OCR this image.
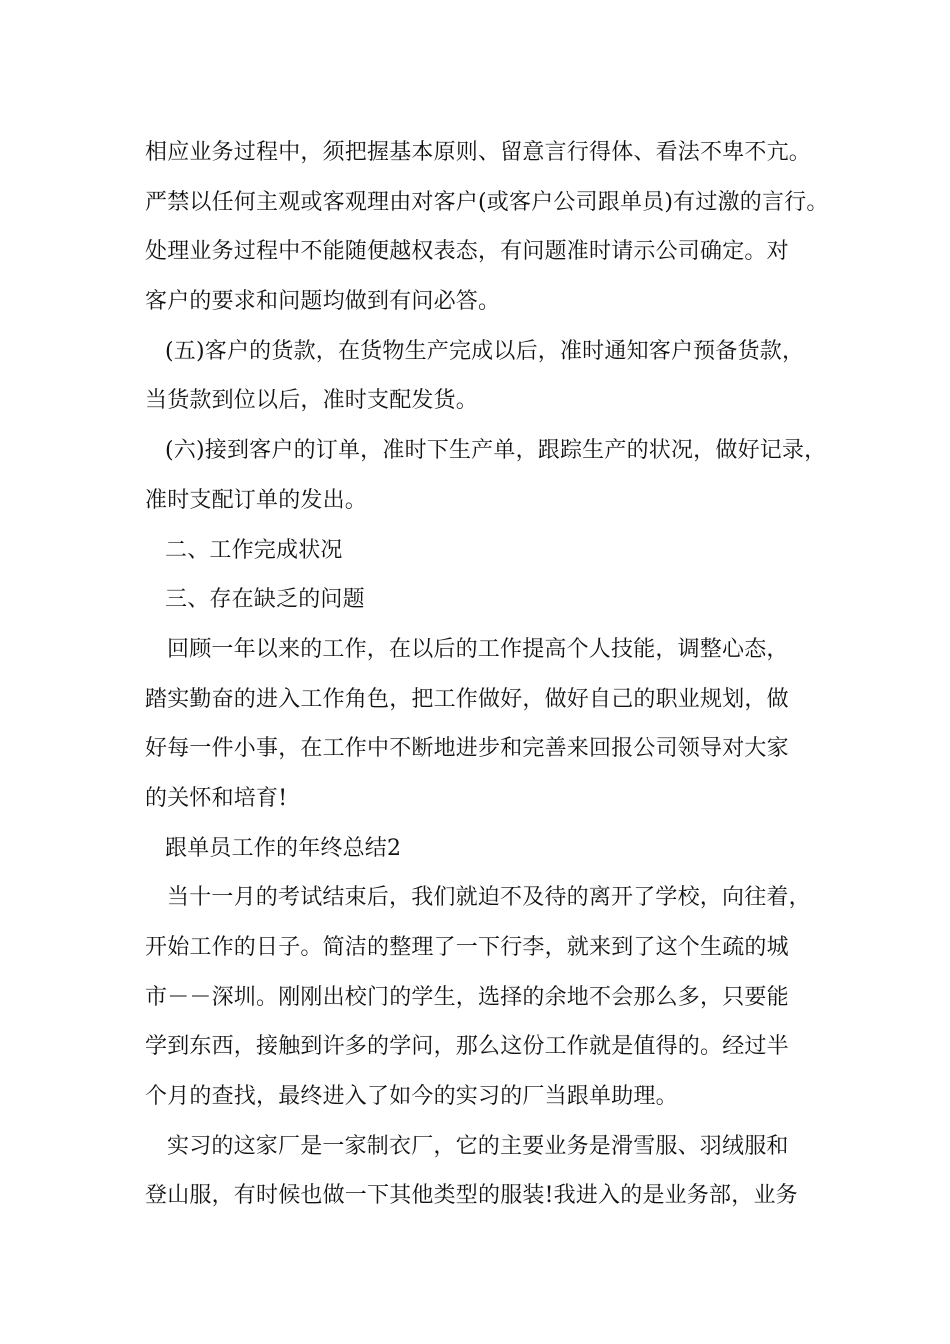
相应业务过程中，须把握基本原则、留意言行得体、看法不卑不亢。
严禁以任何主观或客观理由对客户(或客户公司跟单员)有过激的言行。
处理业务过程中不能随便越权表态，有问题准时请示公司确定。对
客户的要求和问题均做到有问必答。
(五)客户的货款，在货物生产完成以后，准时通知客户预备货款，
当货款到位以后，准时支配发货。
(六)接到客户的订单，准时下生产单，跟踪生产的状况，做好记录，
准时支配订单的发出。
二、工作完成状况
三、存在缺乏的问题
回顾一年以来的工作，在以后的工作提高个人技能，调整心态，
踏实勤奋的进入工作角色，把工作做好，做好自己的职业规划，做
好每一件小事，在工作中不断地进步和完善来回报公司领导对大家
的关怀和培育!
跟单员工作的年终总结2
当十一月的考试结束后，我们就迫不及待的离开了学校，向往着，
开始工作的日子。简洁的整理了一下行李，就来到了这个生疏的城
市－－深圳。刚刚出校门的学生，选择的余地不会那么多，只要能
学到东西，接触到许多的学问，那么这份工作就是值得的。经过半
个月的查找，最终进入了如今的实习的厂当跟单助理。
实习的这家厂是一家制衣厂，它的主要业务是滑雪服、羽绒服和
登山服，有时候也做一下其他类型的服装!我进入的是业务部，业务
